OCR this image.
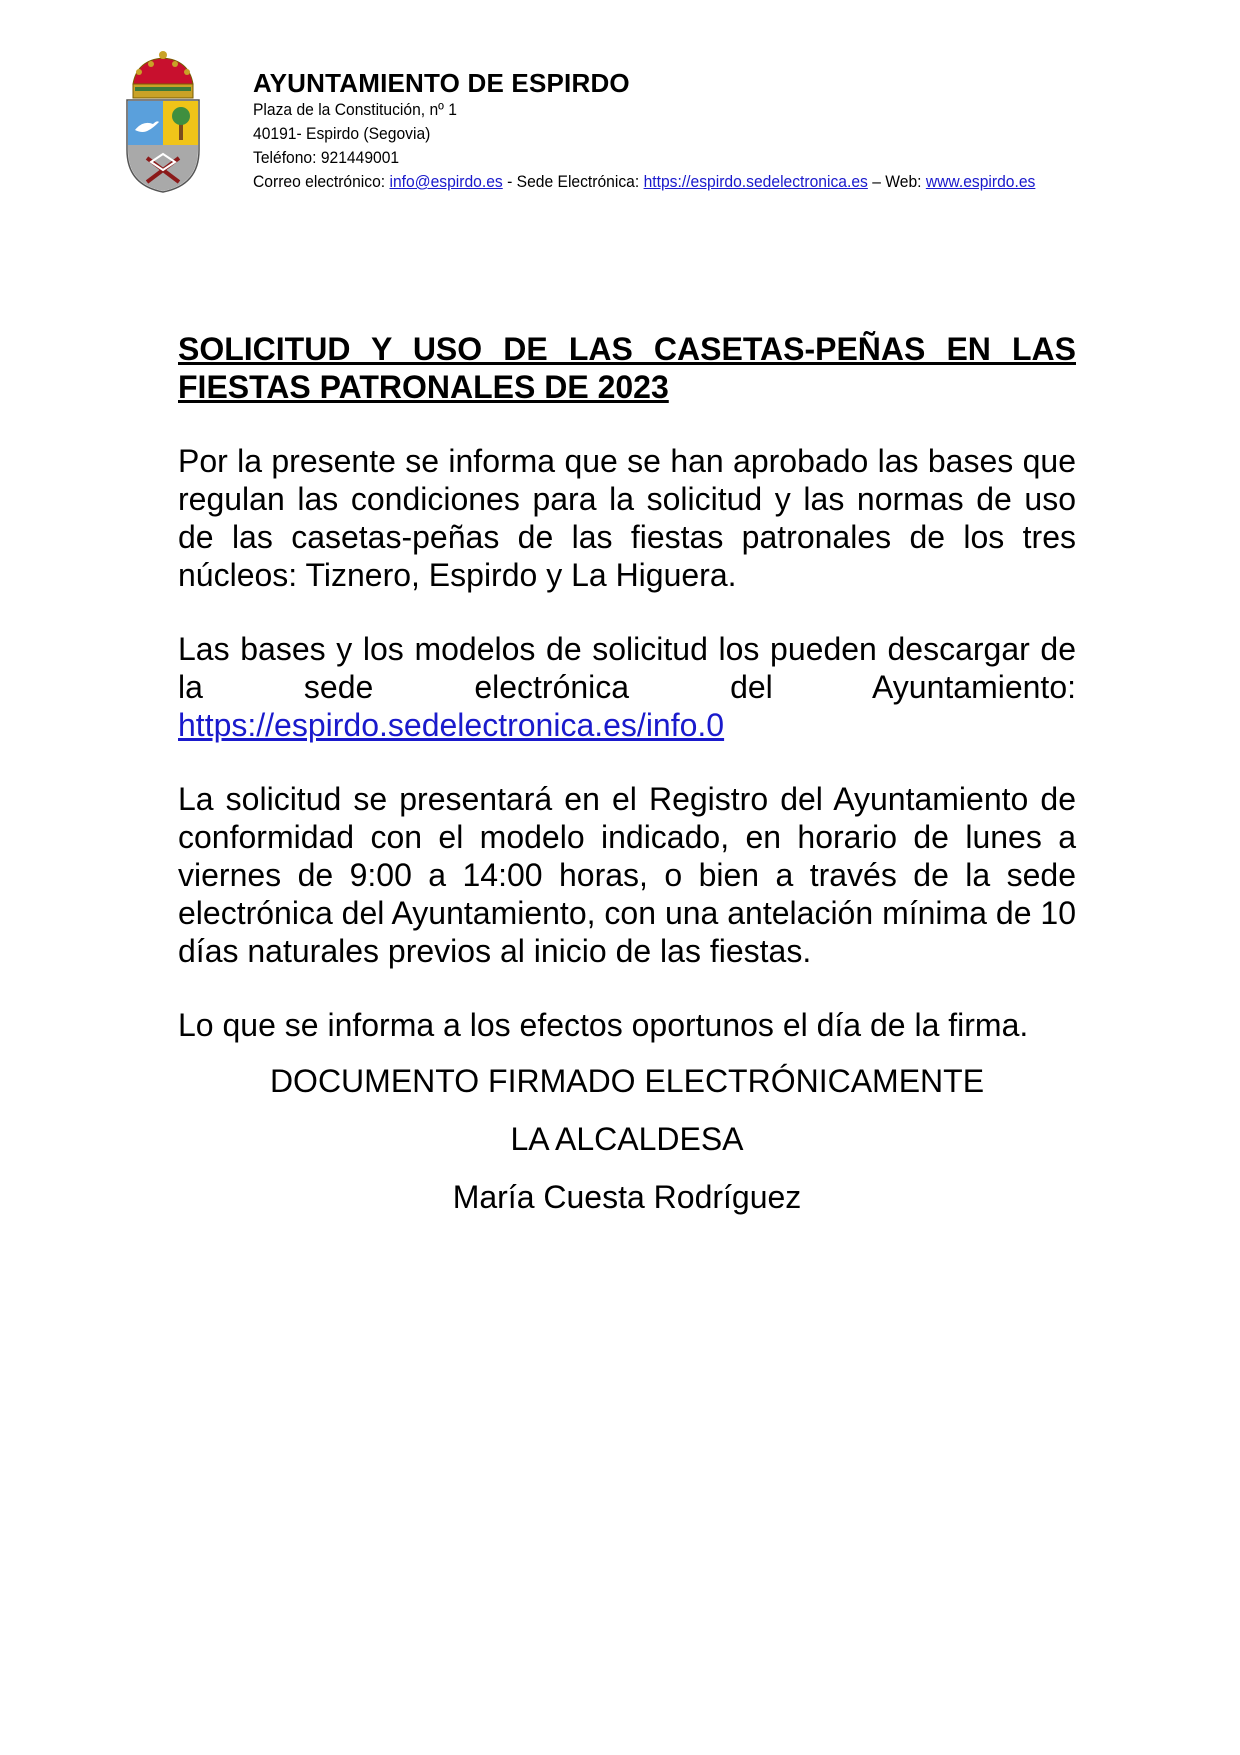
AYUNTAMIENTO DE ESPIRDO
Plaza de la Constitución, nº 1
40191- Espirdo (Segovia)
Teléfono: 921449001
Correo electrónico: info@espirdo.es - Sede Electrónica: https://espirdo.sedelectronica.es – Web: www.espirdo.es
SOLICITUD Y USO DE LAS CASETAS-PEÑAS EN LAS FIESTAS PATRONALES DE 2023

Por la presente se informa que se han aprobado las bases que regulan las condiciones para la solicitud y las normas de uso de las casetas-peñas de las fiestas patronales de los tres núcleos: Tiznero, Espirdo y La Higuera.

Las bases y los modelos de solicitud los pueden descargar de la sede electrónica del Ayuntamiento:

https://espirdo.sedelectronica.es/info.0

La solicitud se presentará en el Registro del Ayuntamiento de conformidad con el modelo indicado, en horario de lunes a viernes de 9:00 a 14:00 horas, o bien a través de la sede electrónica del Ayuntamiento, con una antelación mínima de 10 días naturales previos al inicio de las fiestas.

Lo que se informa a los efectos oportunos el día de la firma.

DOCUMENTO FIRMADO ELECTRÓNICAMENTE
LA ALCALDESA
María Cuesta Rodríguez
